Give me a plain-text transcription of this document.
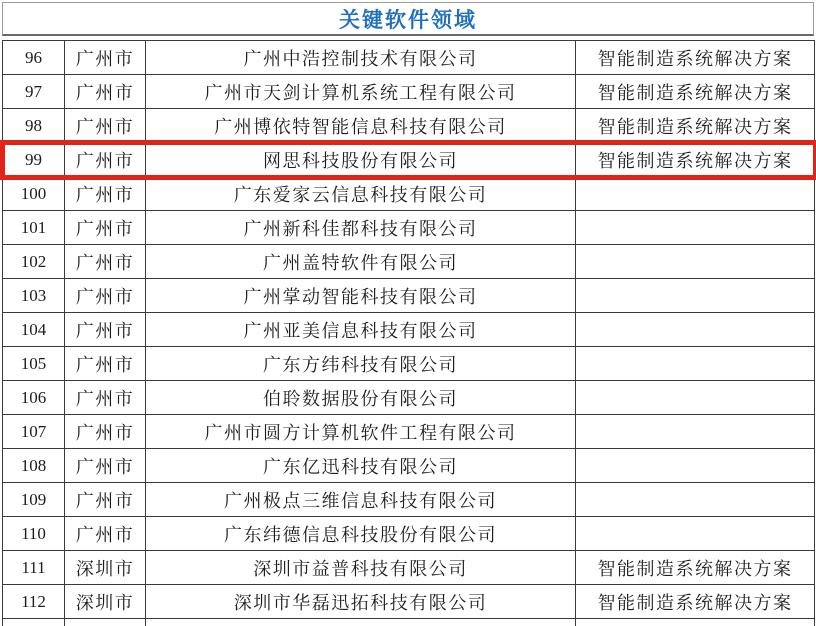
关键软件领域
96	广州市	广州中浩控制技术有限公司	智能制造系统解决方案
97	广州市	广州市天剑计算机系统工程有限公司	智能制造系统解决方案
98	广州市	广州博依特智能信息科技有限公司	智能制造系统解决方案
99	广州市	网思科技股份有限公司	智能制造系统解决方案
100	广州市	广东爱家云信息科技有限公司	
101	广州市	广州新科佳都科技有限公司	
102	广州市	广州盖特软件有限公司	
103	广州市	广州掌动智能科技有限公司	
104	广州市	广州亚美信息科技有限公司	
105	广州市	广东方纬科技有限公司	
106	广州市	伯聆数据股份有限公司	
107	广州市	广州市圆方计算机软件工程有限公司	
108	广州市	广东亿迅科技有限公司	
109	广州市	广州极点三维信息科技有限公司	
110	广州市	广东纬德信息科技股份有限公司	
111	深圳市	深圳市益普科技有限公司	智能制造系统解决方案
112	深圳市	深圳市华磊迅拓科技有限公司	智能制造系统解决方案
